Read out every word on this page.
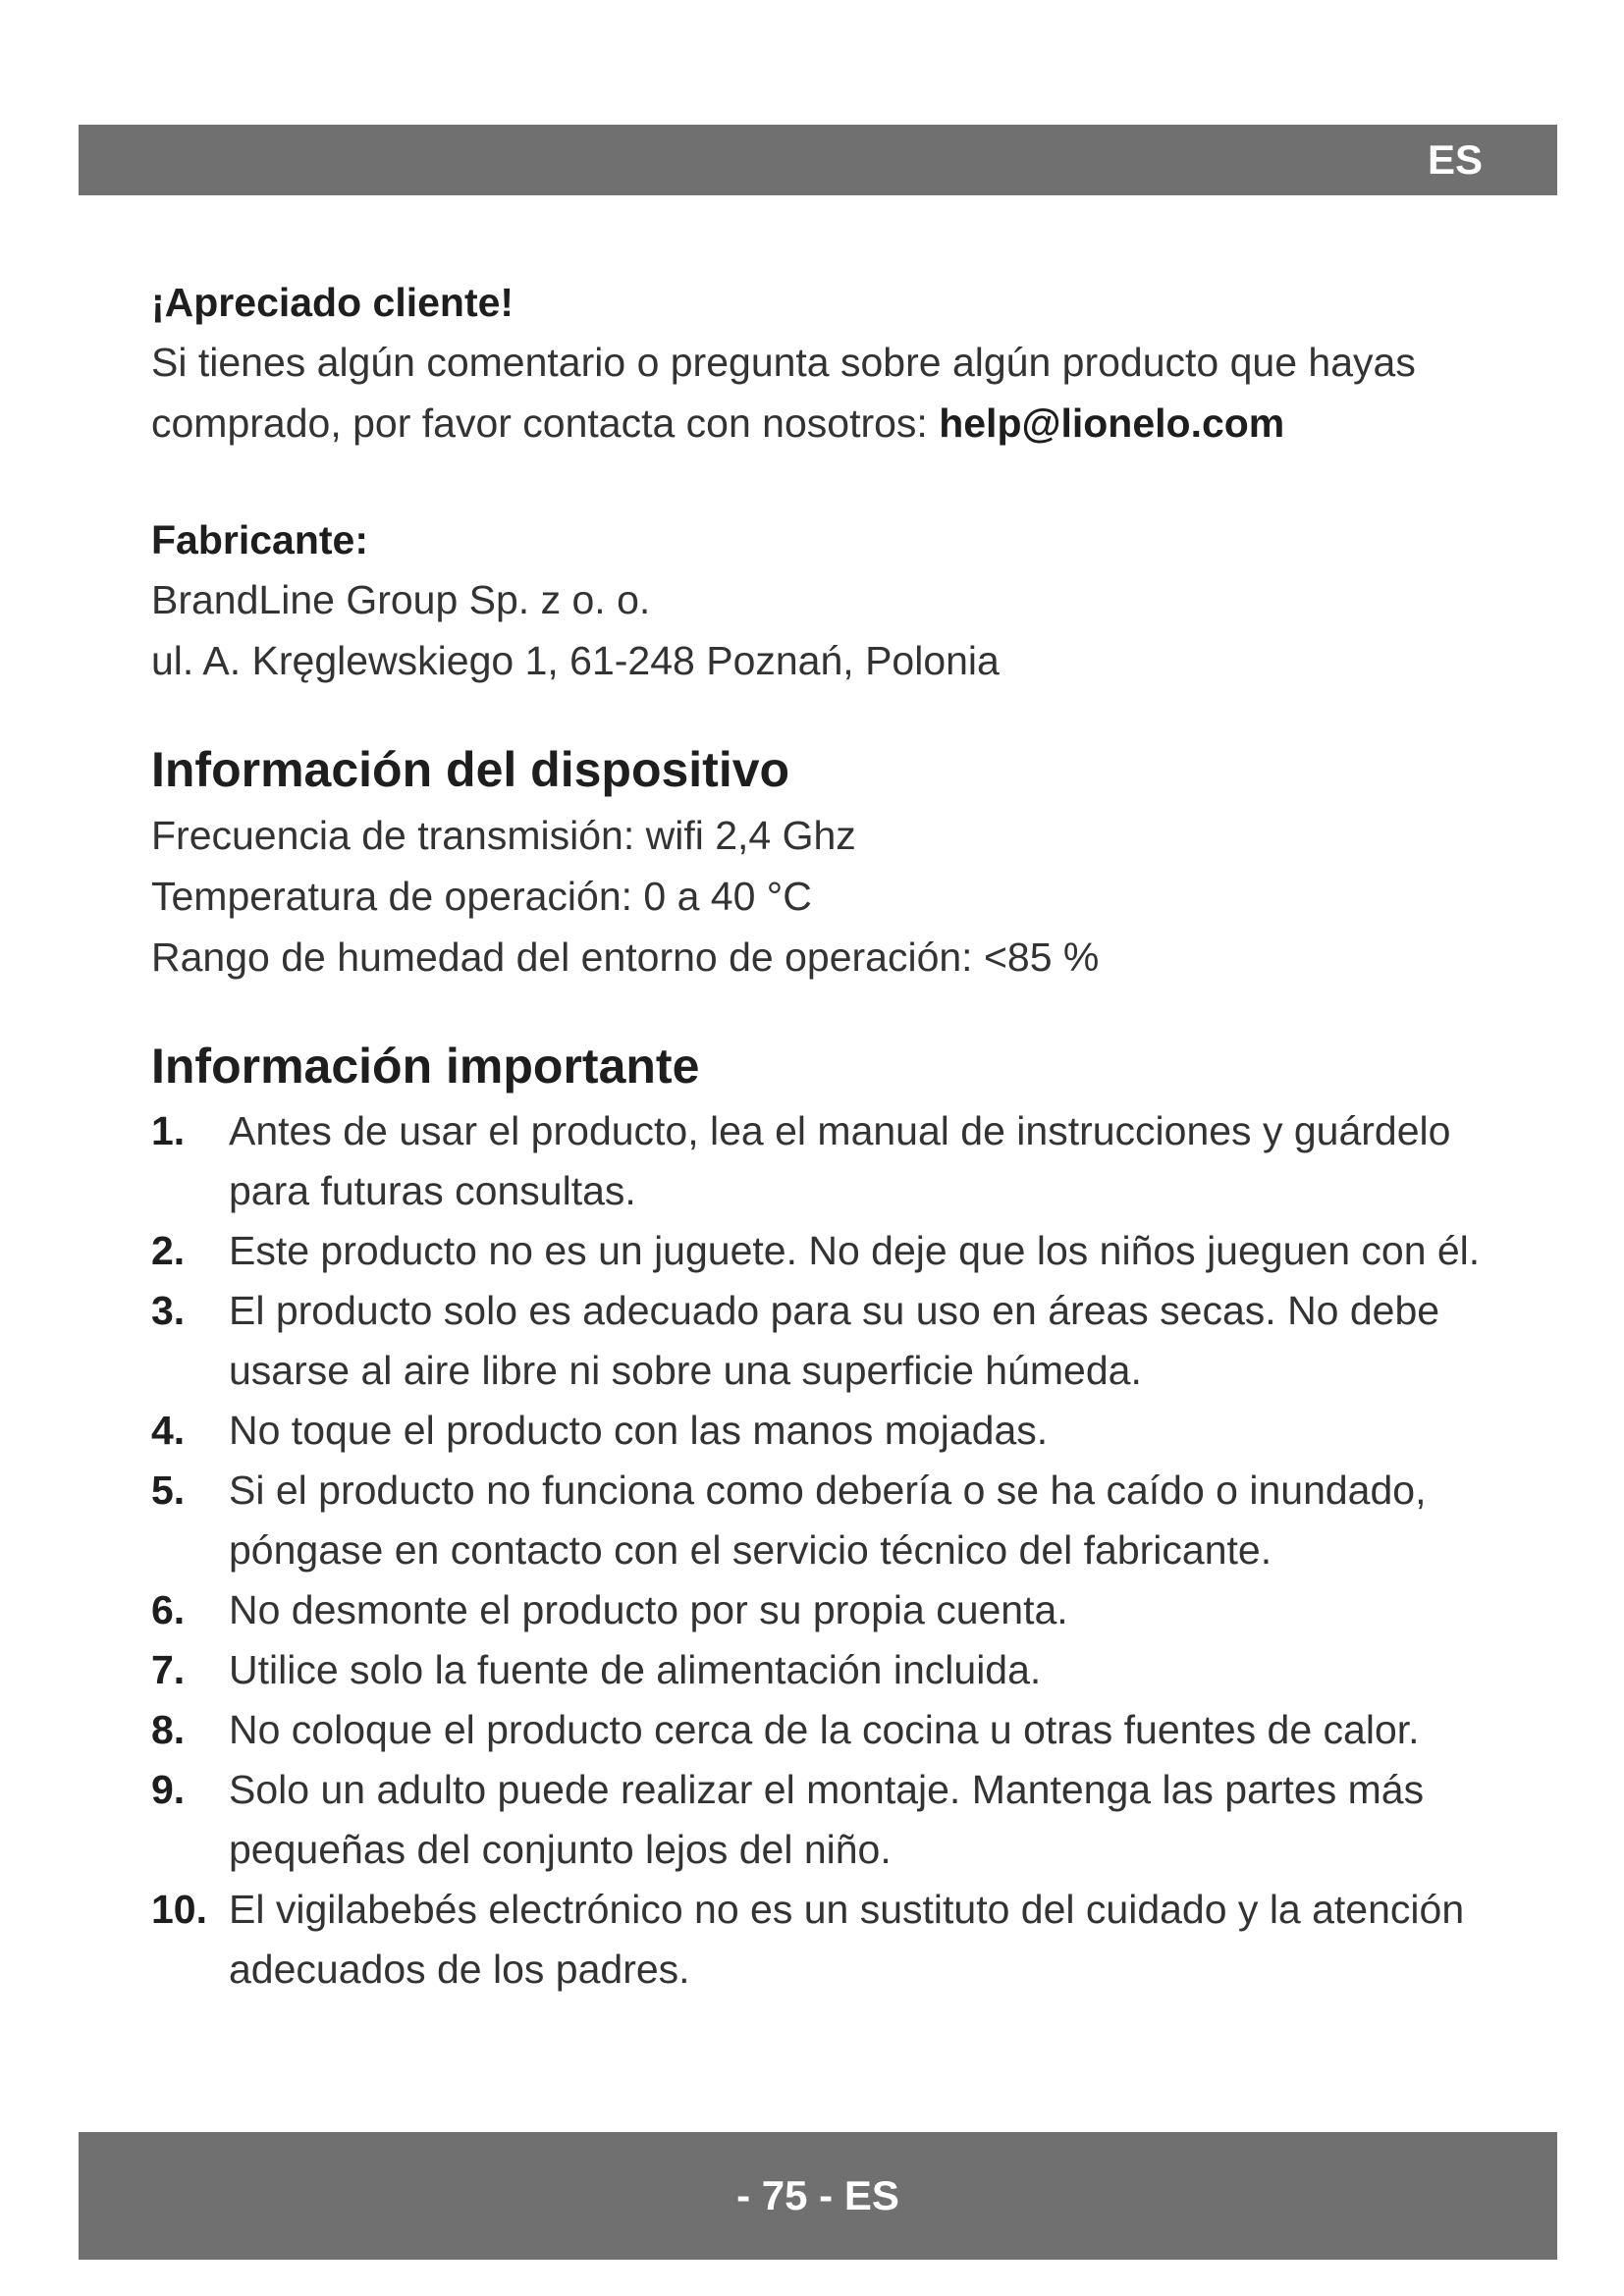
ES

¡Apreciado cliente!

Si tienes algún comentario o pregunta sobre algún producto que hayas comprado, por favor contacta con nosotros: help@lionelo.com

Fabricante:

BrandLine Group Sp. z o. o.

ul. A. Kręglewskiego 1, 61-248 Poznań, Polonia

Información del dispositivo

Frecuencia de transmisión: wifi 2,4 Ghz

Temperatura de operación: 0 a 40 °C

Rango de humedad del entorno de operación: <85 %

Información importante

1. Antes de usar el producto, lea el manual de instrucciones y guárdelo para futuras consultas.
2. Este producto no es un juguete. No deje que los niños jueguen con él.
3. El producto solo es adecuado para su uso en áreas secas. No debe usarse al aire libre ni sobre una superficie húmeda.
4. No toque el producto con las manos mojadas.
5. Si el producto no funciona como debería o se ha caído o inundado, póngase en contacto con el servicio técnico del fabricante.
6. No desmonte el producto por su propia cuenta.
7. Utilice solo la fuente de alimentación incluida.
8. No coloque el producto cerca de la cocina u otras fuentes de calor.
9. Solo un adulto puede realizar el montaje. Mantenga las partes más pequeñas del conjunto lejos del niño.
10. El vigilabebés electrónico no es un sustituto del cuidado y la atención adecuados de los padres.
- 75 - ES
